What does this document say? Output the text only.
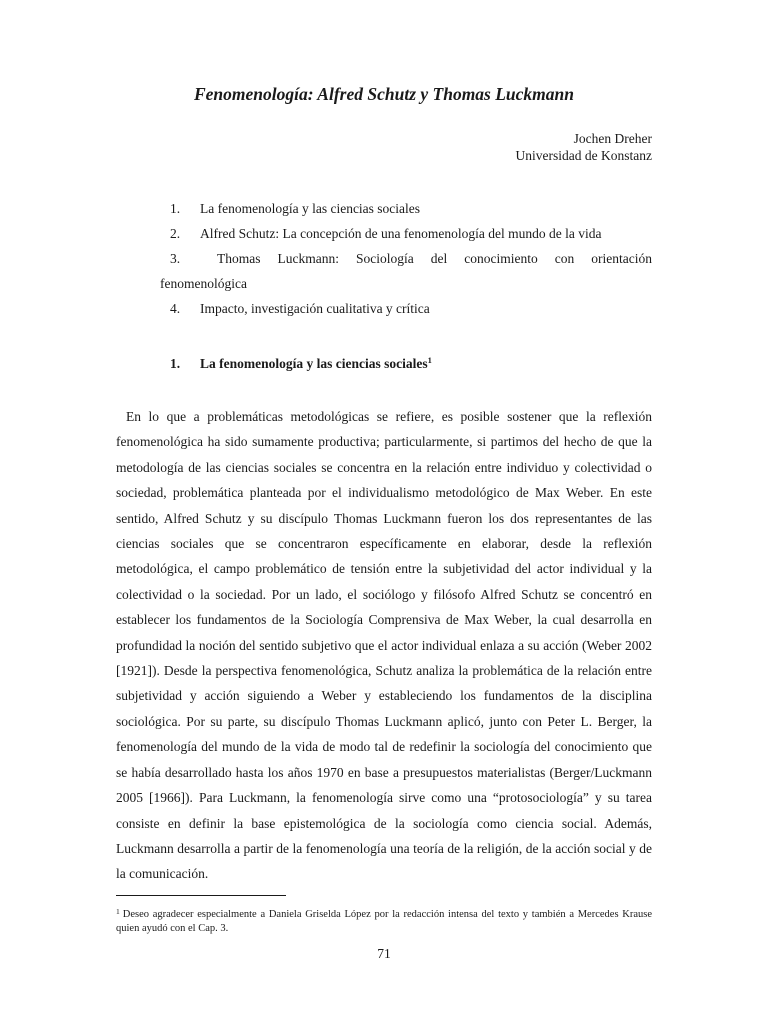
Fenomenología: Alfred Schutz y Thomas Luckmann
Jochen Dreher
Universidad de Konstanz
1. La fenomenología y las ciencias sociales
2. Alfred Schutz: La concepción de una fenomenología del mundo de la vida
3.	Thomas Luckmann: Sociología del conocimiento con orientación
fenomenológica
4. Impacto, investigación cualitativa y crítica
1. La fenomenología y las ciencias sociales$^1$

En lo que a problemáticas metodológicas se refiere, es posible sostener que la reflexión fenomenológica ha sido sumamente productiva; particularmente, si partimos del hecho de que la metodología de las ciencias sociales se concentra en la relación entre individuo y colectividad o sociedad, problemática planteada por el individualismo metodológico de Max Weber. En este sentido, Alfred Schutz y su discípulo Thomas Luckmann fueron los dos representantes de las ciencias sociales que se concentraron específicamente en elaborar, desde la reflexión metodológica, el campo problemático de tensión entre la subjetividad del actor individual y la colectividad o la sociedad. Por un lado, el sociólogo y filósofo Alfred Schutz se concentró en establecer los fundamentos de la Sociología Comprensiva de Max Weber, la cual desarrolla en profundidad la noción del sentido subjetivo que el actor individual enlaza a su acción (Weber 2002 [1921]). Desde la perspectiva fenomenológica, Schutz analiza la problemática de la relación entre subjetividad y acción siguiendo a Weber y estableciendo los fundamentos de la disciplina sociológica. Por su parte, su discípulo Thomas Luckmann aplicó, junto con Peter L. Berger, la fenomenología del mundo de la vida de modo tal de redefinir la sociología del conocimiento que se había desarrollado hasta los años 1970 en base a presupuestos materialistas (Berger/Luckmann 2005 [1966]). Para Luckmann, la fenomenología sirve como una “protosociología” y su tarea consiste en definir la base epistemológica de la sociología como ciencia social. Además, Luckmann desarrolla a partir de la fenomenología una teoría de la religión, de la acción social y de la comunicación.

$^1$ Deseo agradecer especialmente a Daniela Griselda López por la redacción intensa del texto y también a Mercedes Krause quien ayudó con el Cap. 3.

71
